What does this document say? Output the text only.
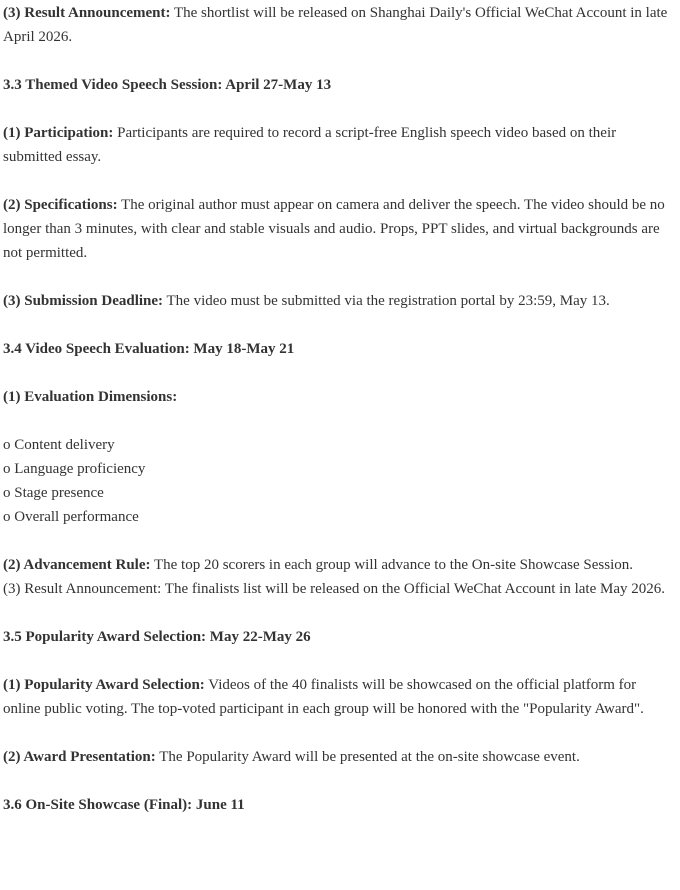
(3) Result Announcement: The shortlist will be released on Shanghai Daily's Official WeChat Account in late April 2026.

3.3 Themed Video Speech Session: April 27-May 13

(1) Participation: Participants are required to record a script-free English speech video based on their submitted essay.

(2) Specifications: The original author must appear on camera and deliver the speech. The video should be no longer than 3 minutes, with clear and stable visuals and audio. Props, PPT slides, and virtual backgrounds are not permitted.

(3) Submission Deadline: The video must be submitted via the registration portal by 23:59, May 13.

3.4 Video Speech Evaluation: May 18-May 21

(1) Evaluation Dimensions:

o Content delivery
o Language proficiency
o Stage presence
o Overall performance

(2) Advancement Rule: The top 20 scorers in each group will advance to the On-site Showcase Session.

(3) Result Announcement: The finalists list will be released on the Official WeChat Account in late May 2026.

3.5 Popularity Award Selection: May 22-May 26

(1) Popularity Award Selection: Videos of the 40 finalists will be showcased on the official platform for online public voting. The top-voted participant in each group will be honored with the "Popularity Award".

(2) Award Presentation: The Popularity Award will be presented at the on-site showcase event.

3.6 On-Site Showcase (Final): June 11
